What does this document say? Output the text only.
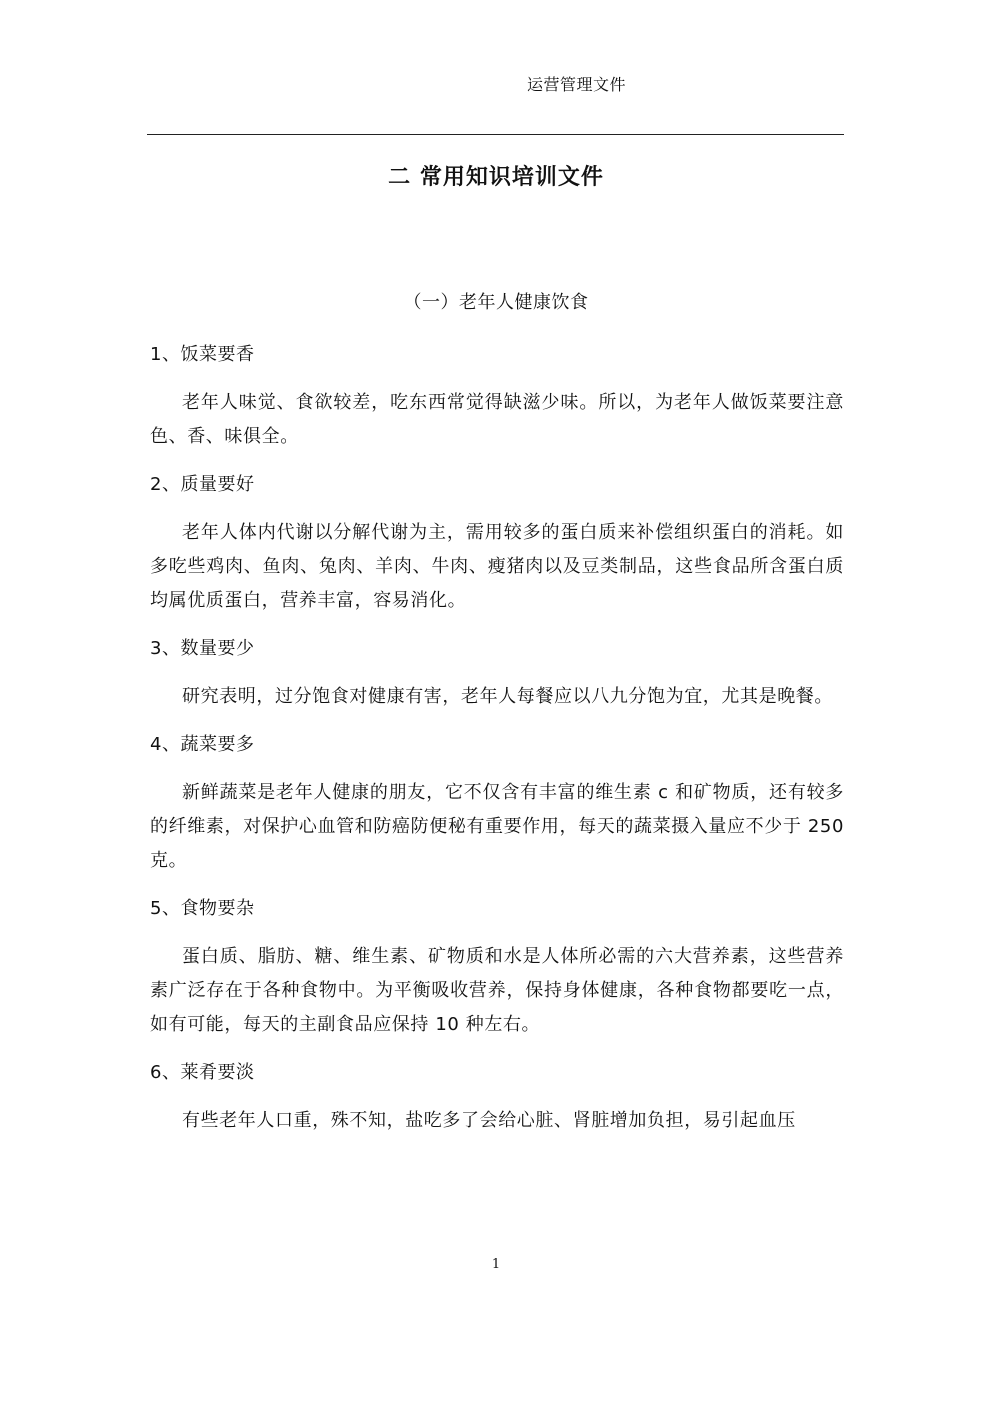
运营管理文件
二 常用知识培训文件
（一）老年人健康饮食

1、饭菜要香

老年人味觉、食欲较差，吃东西常觉得缺滋少味。所以，为老年人做饭菜要注意色、香、味俱全。

2、质量要好

老年人体内代谢以分解代谢为主，需用较多的蛋白质来补偿组织蛋白的消耗。如多吃些鸡肉、鱼肉、兔肉、羊肉、牛肉、瘦猪肉以及豆类制品，这些食品所含蛋白质均属优质蛋白，营养丰富，容易消化。

3、数量要少

研究表明，过分饱食对健康有害，老年人每餐应以八九分饱为宜，尤其是晚餐。

4、蔬菜要多

新鲜蔬菜是老年人健康的朋友，它不仅含有丰富的维生素 c 和矿物质，还有较多的纤维素，对保护心血管和防癌防便秘有重要作用，每天的蔬菜摄入量应不少于 250 克。

5、食物要杂

蛋白质、脂肪、糖、维生素、矿物质和水是人体所必需的六大营养素，这些营养素广泛存在于各种食物中。为平衡吸收营养，保持身体健康，各种食物都要吃一点，如有可能，每天的主副食品应保持 10 种左右。

6、莱肴要淡

有些老年人口重，殊不知，盐吃多了会给心脏、肾脏增加负担，易引起血压

1
